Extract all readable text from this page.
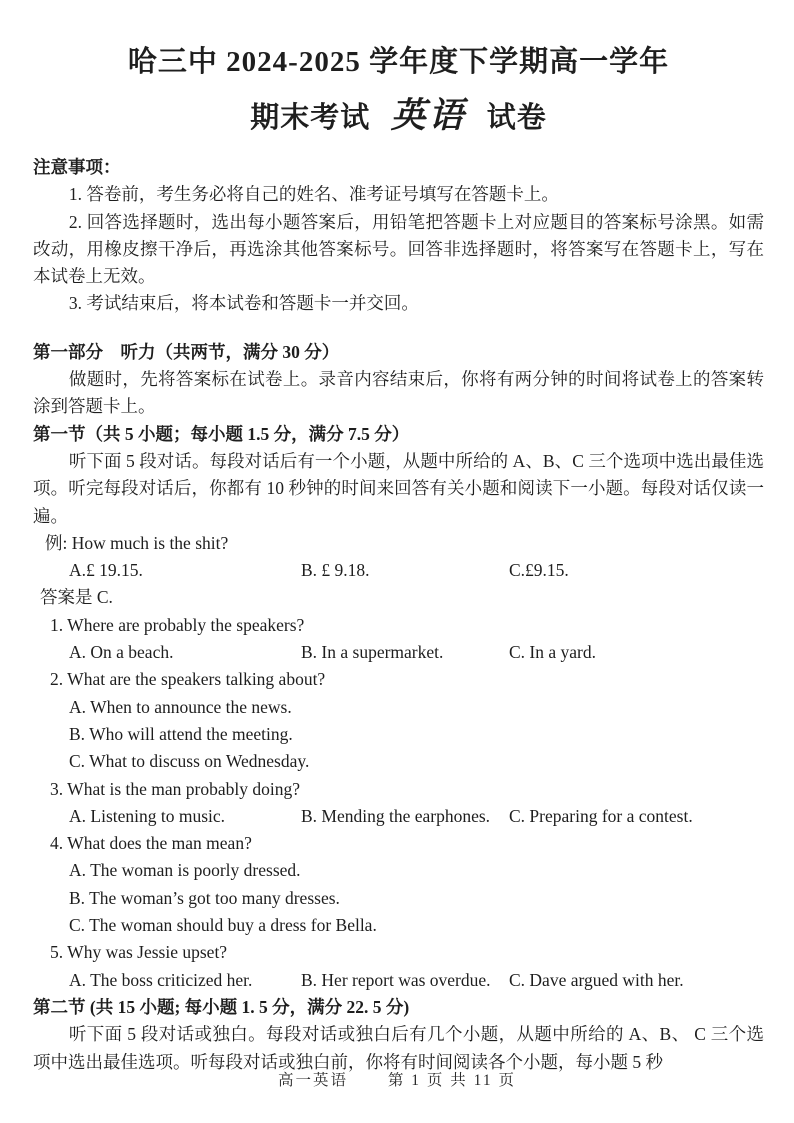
哈三中 2024-2025 学年度下学期高一学年
期末考试 英语 试卷

注意事项：

1. 答卷前，考生务必将自己的姓名、准考证号填写在答题卡上。

2. 回答选择题时，选出每小题答案后，用铅笔把答题卡上对应题目的答案标号涂黑。如需改动，用橡皮擦干净后，再选涂其他答案标号。回答非选择题时，将答案写在答题卡上，写在本试卷上无效。

3. 考试结束后，将本试卷和答题卡一并交回。

第一部分　听力（共两节，满分 30 分）

做题时，先将答案标在试卷上。录音内容结束后，你将有两分钟的时间将试卷上的答案转涂到答题卡上。

第一节（共 5 小题；每小题 1.5 分，满分 7.5 分）

听下面 5 段对话。每段对话后有一个小题，从题中所给的 A、B、C 三个选项中选出最佳选项。听完每段对话后，你都有 10 秒钟的时间来回答有关小题和阅读下一小题。每段对话仅读一遍。

例: How much is the shit?

A.£ 19.15.	B. £ 9.18.	C.£9.15.

答案是 C.

1. Where are probably the speakers?

A. On a beach.	B. In a supermarket.	C. In a yard.

2. What are the speakers talking about?

A. When to announce the news.

B. Who will attend the meeting.

C. What to discuss on Wednesday.

3. What is the man probably doing?

A. Listening to music.	B. Mending the earphones.	C. Preparing for a contest.

4. What does the man mean?

A. The woman is poorly dressed.

B. The woman’s got too many dresses.

C. The woman should buy a dress for Bella.

5. Why was Jessie upset?

A. The boss criticized her.	B. Her report was overdue.	C. Dave argued with her.

第二节 (共 15 小题; 每小题 1. 5 分，满分 22. 5 分)

听下面 5 段对话或独白。每段对话或独白后有几个小题，从题中所给的 A、B、 C 三个选项中选出最佳选项。听每段对话或独白前，你将有时间阅读各个小题，每小题 5 秒

高一英语	第 1 页 共 11 页
